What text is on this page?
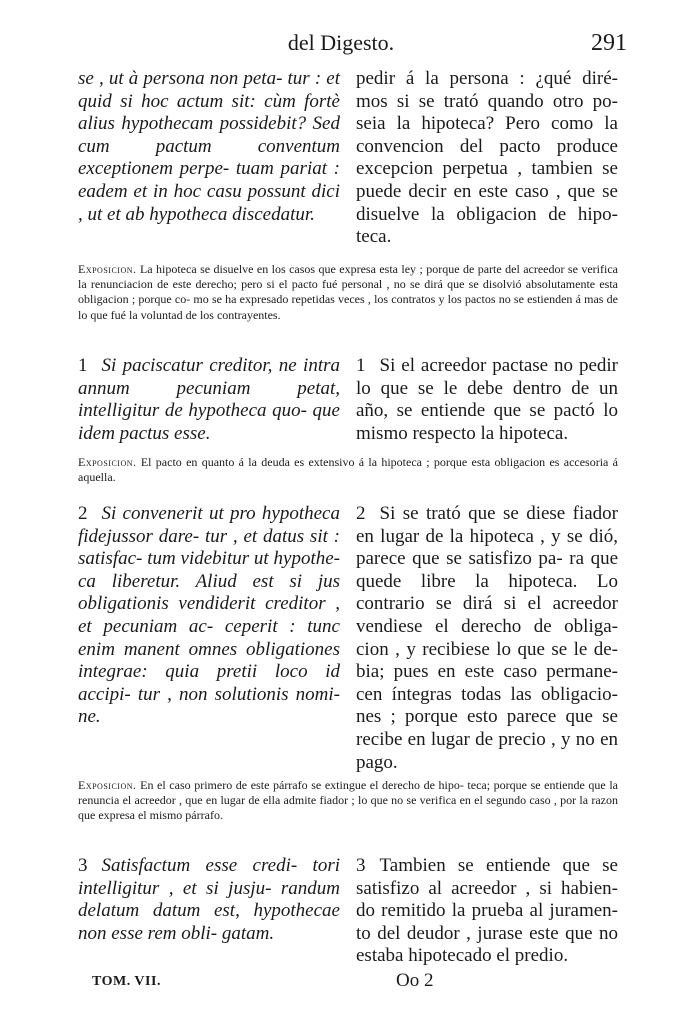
del Digesto.	291
se , ut à persona non peta- tur : et quid si hoc actum sit: cùm fortè alius hypothecam possidebit? Sed cum pactum conventum exceptionem perpe- tuam pariat : eadem et in hoc casu possunt dici , ut et ab hypotheca discedatur.
pedir á la persona : ¿qué diré- mos si se trató quando otro po- seia la hipoteca? Pero como la convencion del pacto produce excepcion perpetua , tambien se puede decir en este caso , que se disuelve la obligacion de hipo- teca.
Exposicion. La hipoteca se disuelve en los casos que expresa esta ley ; porque de parte del acreedor se verifica la renunciacion de este derecho; pero si el pacto fué personal , no se dirá que se disolvió absolutamente esta obligacion ; porque co- mo se ha expresado repetidas veces , los contratos y los pactos no se estienden á mas de lo que fué la voluntad de los contrayentes.
1 Si paciscatur creditor, ne intra annum pecuniam petat, intelligitur de hypotheca quo- que idem pactus esse.
1 Si el acreedor pactase no pedir lo que se le debe dentro de un año, se entiende que se pactó lo mismo respecto la hipoteca.
Exposicion. El pacto en quanto á la deuda es extensivo á la hipoteca ; porque esta obligacion es accesoria á aquella.
2 Si convenerit ut pro hypotheca fidejussor dare- tur , et datus sit : satisfac- tum videbitur ut hypothe- ca liberetur. Aliud est si jus obligationis vendiderit creditor , et pecuniam ac- ceperit : tunc enim manent omnes obligationes integrae: quia pretii loco id accipi- tur , non solutionis nomi- ne.
2 Si se trató que se diese fiador en lugar de la hipoteca , y se dió, parece que se satisfizo pa- ra que quede libre la hipoteca. Lo contrario se dirá si el acreedor vendiese el derecho de obliga- cion , y recibiese lo que se le de- bia; pues en este caso permane- cen íntegras todas las obligacio- nes ; porque esto parece que se recibe en lugar de precio , y no en pago.
Exposicion. En el caso primero de este párrafo se extingue el derecho de hipo- teca; porque se entiende que la renuncia el acreedor , que en lugar de ella admite fiador ; lo que no se verifica en el segundo caso , por la razon que expresa el mismo párrafo.
3 Satisfactum esse credi- tori intelligitur , et si jusju- randum delatum datum est, hypothecae non esse rem obli- gatam.
3 Tambien se entiende que se satisfizo al acreedor , si habien- do remitido la prueba al juramen- to del deudor , jurase este que no estaba hipotecado el predio.
TOM. VII.	Oo 2
